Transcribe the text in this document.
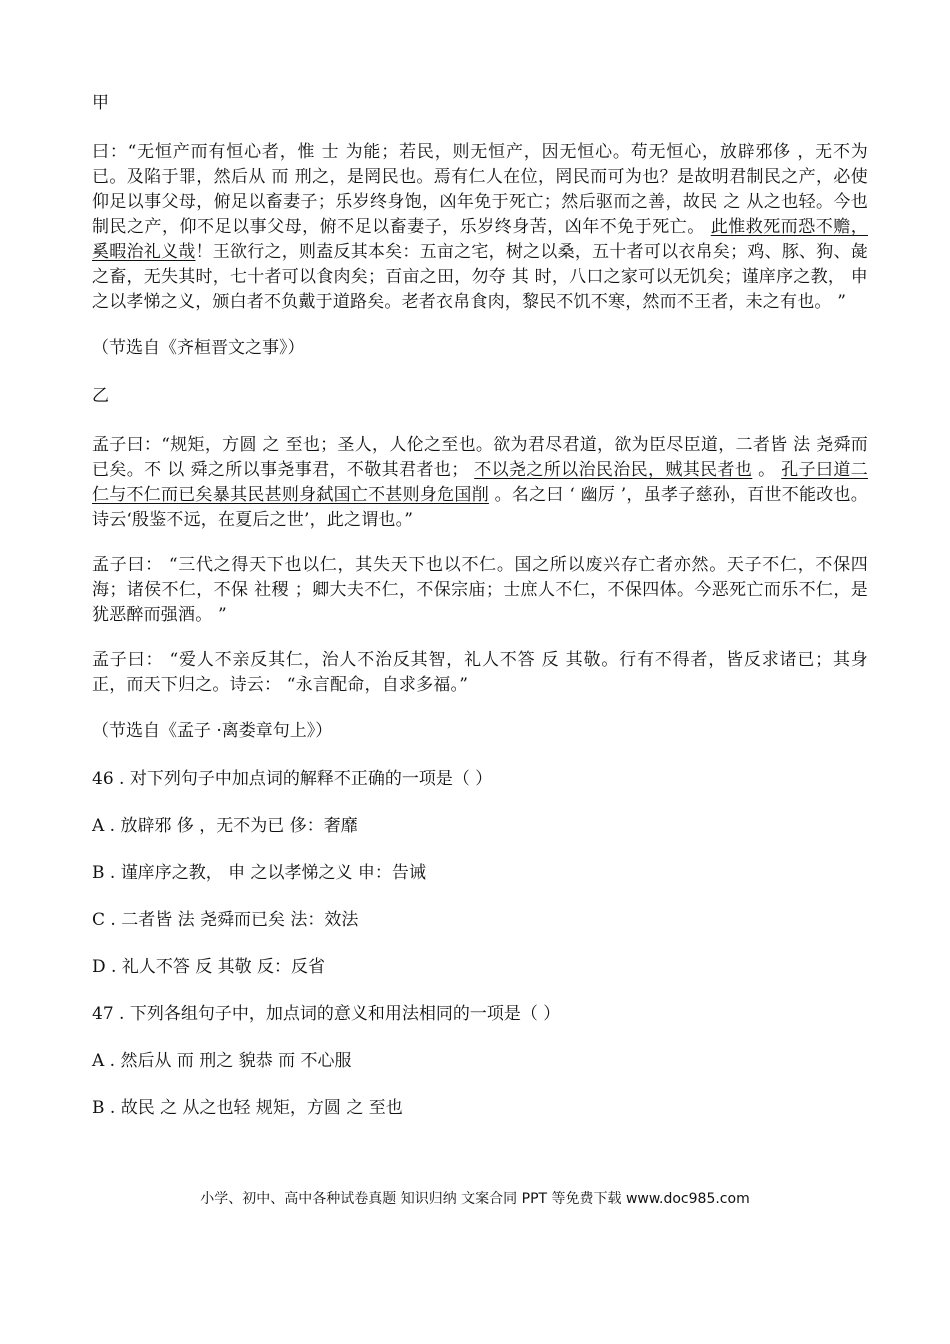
甲
曰：“无恒产而有恒心者，惟 士 为能；若民，则无恒产，因无恒心。苟无恒心，放辟邪侈 ，无不为已。及陷于罪，然后从 而 刑之，是罔民也。焉有仁人在位，罔民而可为也？是故明君制民之产，必使仰足以事父母，俯足以畜妻子；乐岁终身饱，凶年免于死亡；然后驱而之善，故民 之 从之也轻。今也制民之产，仰不足以事父母，俯不足以畜妻子，乐岁终身苦，凶年不免于死亡。 此惟救死而恐不赡，奚暇治礼义哉！王欲行之，则盍反其本矣：五亩之宅，树之以桑，五十者可以衣帛矣；鸡、豚、狗、彘之畜，无失其时，七十者可以食肉矣；百亩之田，勿夺 其 时，八口之家可以无饥矣；谨庠序之教， 申 之以孝悌之义，颁白者不负戴于道路矣。老者衣帛食肉，黎民不饥不寒，然而不王者，未之有也。 ”
（节选自《齐桓晋文之事》）
乙
孟子曰：“规矩，方圆 之 至也；圣人，人伦之至也。欲为君尽君道，欲为臣尽臣道，二者皆 法 尧舜而已矣。不 以 舜之所以事尧事君，不敬其君者也； 不以尧之所以治民治民，贼其民者也 。 孔子曰道二仁与不仁而已矣暴其民甚则身弑国亡不甚则身危国削 。名之曰 ‘ 幽厉 ’，虽孝子慈孙，百世不能改也。诗云‘殷鉴不远，在夏后之世’，此之谓也。”
孟子曰： “三代之得天下也以仁，其失天下也以不仁。国之所以废兴存亡者亦然。天子不仁，不保四海；诸侯不仁，不保 社稷 ；卿大夫不仁，不保宗庙；士庶人不仁，不保四体。今恶死亡而乐不仁，是犹恶醉而强酒。 ”
孟子曰： “爱人不亲反其仁，治人不治反其智，礼人不答 反 其敬。行有不得者，皆反求诸已；其身正，而天下归之。诗云： “永言配命，自求多福。”
（节选自《孟子 ·离娄章句上》）
46 . 对下列句子中加点词的解释不正确的一项是（ ）
A . 放辟邪 侈 ，无不为已 侈：奢靡
B . 谨庠序之教， 申 之以孝悌之义 申：告诫
C . 二者皆 法 尧舜而已矣 法：效法
D . 礼人不答 反 其敬 反：反省
47 . 下列各组句子中，加点词的意义和用法相同的一项是（ ）
A . 然后从 而 刑之 貌恭 而 不心服
B . 故民 之 从之也轻 规矩，方圆 之 至也
小学、初中、高中各种试卷真题 知识归纳 文案合同 PPT 等免费下载 www.doc985.com
